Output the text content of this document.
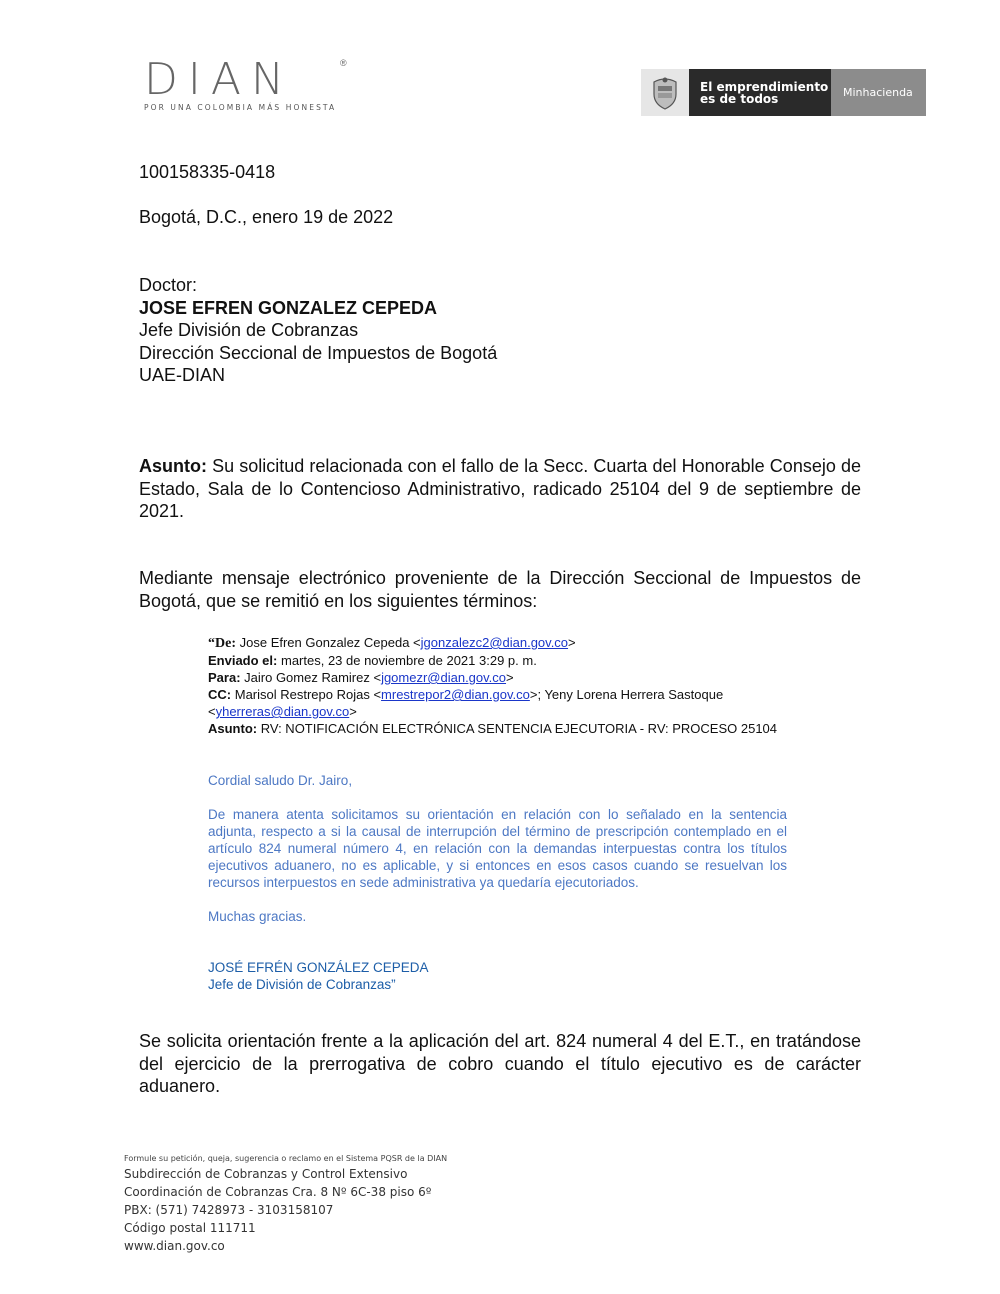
DIAN	®
POR UNA COLOMBIA MÁS HONESTA
El emprendimiento
es de todos	Minhacienda
100158335-0418
Bogotá, D.C., enero 19 de 2022
Doctor:
JOSE EFREN GONZALEZ CEPEDA
Jefe División de Cobranzas
Dirección Seccional de Impuestos de Bogotá
UAE-DIAN
Asunto: Su solicitud relacionada con el fallo de la Secc. Cuarta del Honorable Consejo de Estado, Sala de lo Contencioso Administrativo, radicado 25104 del 9 de septiembre de 2021.
Mediante mensaje electrónico proveniente de la Dirección Seccional de Impuestos de Bogotá, que se remitió en los siguientes términos:
“De: Jose Efren Gonzalez Cepeda <jgonzalezc2@dian.gov.co>
Enviado el: martes, 23 de noviembre de 2021 3:29 p. m.
Para: Jairo Gomez Ramirez <jgomezr@dian.gov.co>
CC: Marisol Restrepo Rojas <mrestrepor2@dian.gov.co>; Yeny Lorena Herrera Sastoque
<yherreras@dian.gov.co>
Asunto: RV: NOTIFICACIÓN ELECTRÓNICA SENTENCIA EJECUTORIA - RV: PROCESO 25104
Cordial saludo Dr. Jairo,
De manera atenta solicitamos su orientación en relación con lo señalado en la sentencia adjunta, respecto a si la causal de interrupción del término de prescripción contemplado en el artículo 824 numeral número 4, en relación con la demandas interpuestas contra los títulos ejecutivos aduanero, no es aplicable, y si entonces en esos casos cuando se resuelvan los recursos interpuestos en sede administrativa ya quedaría ejecutoriados.
Muchas gracias.
JOSÉ EFRÉN GONZÁLEZ CEPEDA
Jefe de División de Cobranzas”
Se solicita orientación frente a la aplicación del art. 824 numeral 4 del E.T., en tratándose del ejercicio de la prerrogativa de cobro cuando el título ejecutivo es de carácter aduanero.
Formule su petición, queja, sugerencia o reclamo en el Sistema PQSR de la DIAN
Subdirección de Cobranzas y Control Extensivo
Coordinación de Cobranzas Cra. 8 Nº 6C-38 piso 6º
PBX: (571) 7428973 - 3103158107
Código postal 111711
www.dian.gov.co
